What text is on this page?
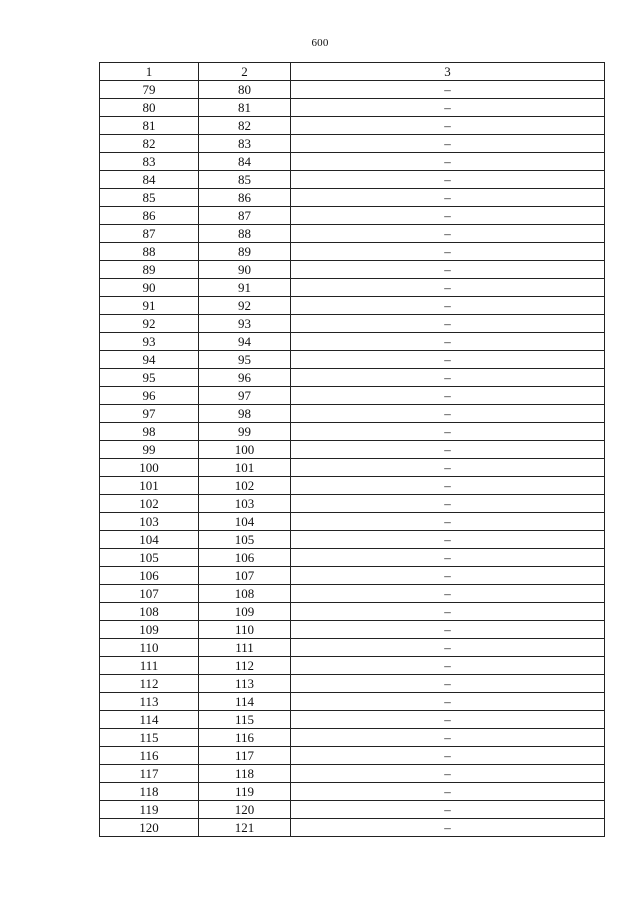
600
1	2	3
79	80	–
80	81	–
81	82	–
82	83	–
83	84	–
84	85	–
85	86	–
86	87	–
87	88	–
88	89	–
89	90	–
90	91	–
91	92	–
92	93	–
93	94	–
94	95	–
95	96	–
96	97	–
97	98	–
98	99	–
99	100	–
100	101	–
101	102	–
102	103	–
103	104	–
104	105	–
105	106	–
106	107	–
107	108	–
108	109	–
109	110	–
110	111	–
111	112	–
112	113	–
113	114	–
114	115	–
115	116	–
116	117	–
117	118	–
118	119	–
119	120	–
120	121	–
